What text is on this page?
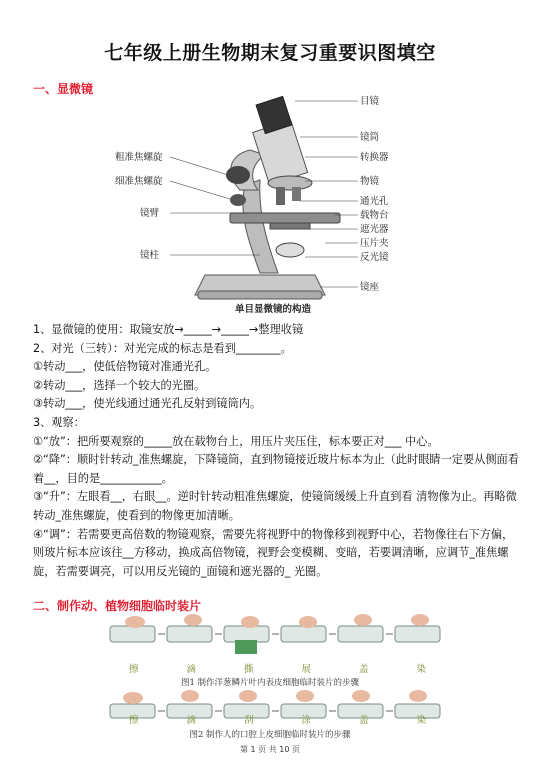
七年级上册生物期末复习重要识图填空
一、显微镜
目镜
镜筒
转换器
物镜
通光孔
载物台
遮光器
压片夹
反光镜
镜座
粗准焦螺旋
细准焦螺旋
镜臂
镜柱
单目显微镜的构造

1、显微镜的使用：取镜安放→_____→_____→整理收镜

2、对光（三转）：对光完成的标志是看到________。

①转动___，使低倍物镜对准通光孔。

②转动___，选择一个较大的光圈。

③转动___，使光线通过通光孔反射到镜筒内。

3、观察：

①“放”：把所要观察的_____放在载物台上，用压片夹压住，标本要正对___ 中心。

②“降”：顺时针转动_准焦螺旋，下降镜筒，直到物镜接近玻片标本为止（此时眼睛一定要从侧面看着__，目的是___________。

③“升”：左眼看__，右眼__。逆时针转动粗准焦螺旋，使镜筒缓缓上升直到看 清物像为止。再略微转动_准焦螺旋，使看到的物像更加清晰。

④“调”：若需要更高倍数的物镜观察，需要先将视野中的物像移到视野中心，若物像往右下方偏，则玻片标本应该往__方移动，换成高倍物镜，视野会变模糊、变暗，若要调清晰，应调节_准焦螺旋，若需要调亮，可以用反光镜的_面镜和遮光器的_ 光圈。

二、制作动、植物细胞临时装片
擦	滴	撕	展	盖	染
图1 制作洋葱鳞片叶内表皮细胞临时装片的步骤
擦	滴	刮	涂	盖	染
图2 制作人的口腔上皮细胞临时装片的步骤
第 1 页 共 10 页
